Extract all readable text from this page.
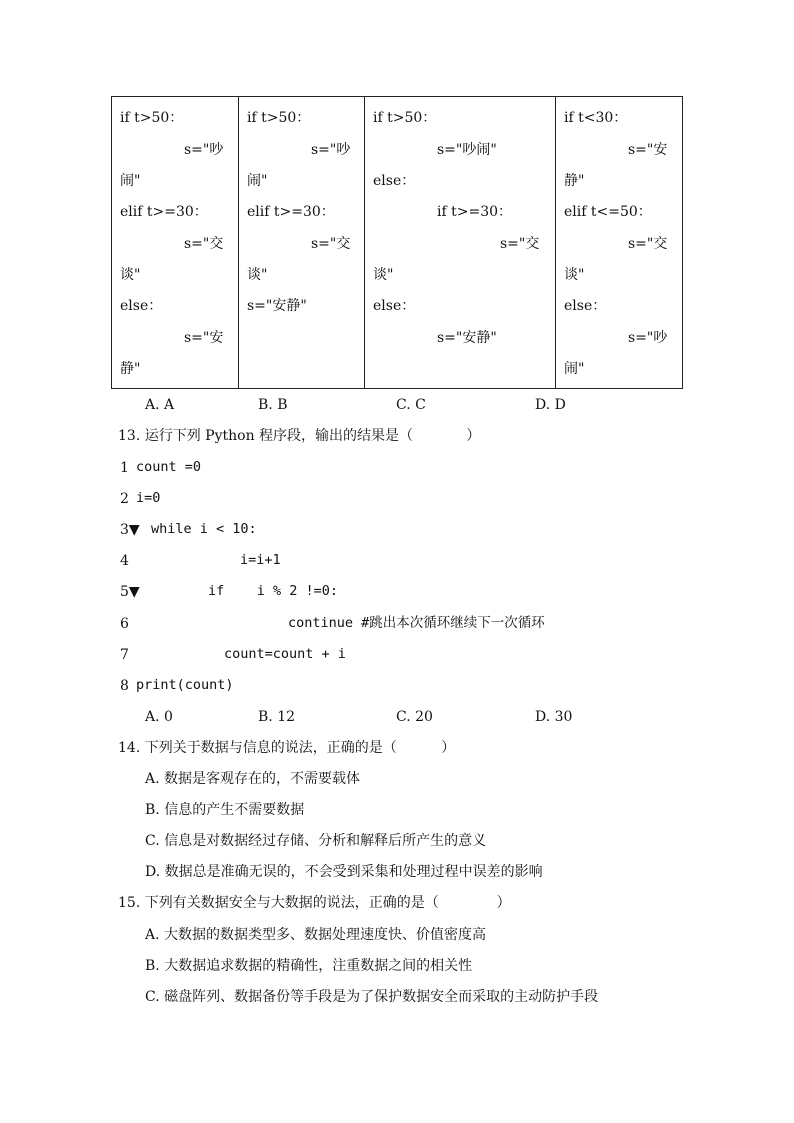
if t>50：
s="吵
闹"
elif t>=30：
s="交
谈"
else：
s="安
静"

if t>50：
s="吵
闹"
elif t>=30：
s="交
谈"
s="安静"

if t>50：
s="吵闹"
else：
if t>=30：
s="交
谈"
else：
s="安静"

if t<30：
s="安
静"
elif t<=50：
s="交
谈"
else：
s="吵
闹"
A. A	B. B	C. C	D. D
13. 运行下列 Python 程序段，输出的结果是（            ）
1 count =0
2 i=0
3▼ while i < 10:
4	i=i+1
5▼	if    i % 2 !=0:
6	continue #跳出本次循环继续下一次循环
7	count=count + i
8 print(count)
A. 0	B. 12	C. 20	D. 30
14. 下列关于数据与信息的说法，正确的是（          ）
A. 数据是客观存在的，不需要载体
B. 信息的产生不需要数据
C. 信息是对数据经过存储、分析和解释后所产生的意义
D. 数据总是准确无误的，不会受到采集和处理过程中误差的影响
15. 下列有关数据安全与大数据的说法，正确的是（             ）
A. 大数据的数据类型多、数据处理速度快、价值密度高
B. 大数据追求数据的精确性，注重数据之间的相关性
C. 磁盘阵列、数据备份等手段是为了保护数据安全而采取的主动防护手段
